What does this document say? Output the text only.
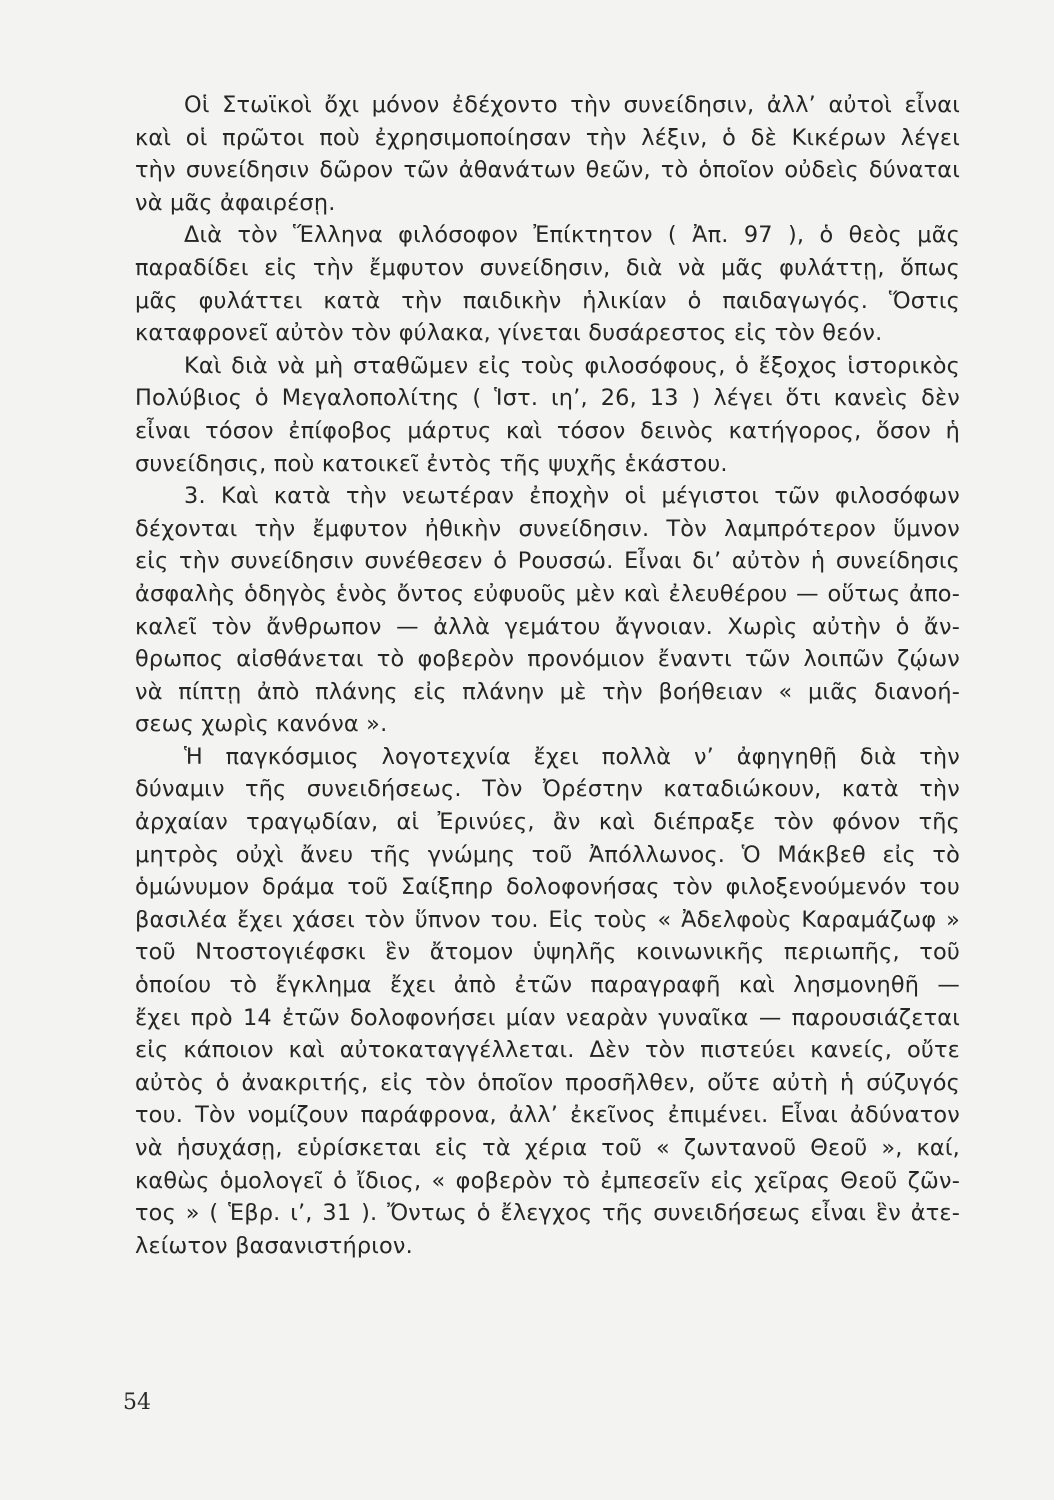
Οἱ Στωϊκοὶ ὄχι μόνον ἐδέχοντο τὴν συνείδησιν, ἀλλ’ αὐτοὶ εἶναι
καὶ οἱ πρῶτοι ποὺ ἐχρησιμοποίησαν τὴν λέξιν, ὁ δὲ Κικέρων λέγει
τὴν συνείδησιν δῶρον τῶν ἀθανάτων θεῶν, τὸ ὁποῖον οὐδεὶς δύναται
νὰ μᾶς ἀφαιρέσῃ.
Διὰ τὸν Ἕλληνα φιλόσοφον Ἐπίκτητον ( Ἀπ. 97 ), ὁ θεὸς μᾶς
παραδίδει εἰς τὴν ἔμφυτον συνείδησιν, διὰ νὰ μᾶς φυλάττῃ, ὅπως
μᾶς φυλάττει κατὰ τὴν παιδικὴν ἡλικίαν ὁ παιδαγωγός. Ὅστις
καταφρονεῖ αὐτὸν τὸν φύλακα, γίνεται δυσάρεστος εἰς τὸν θεόν.
Καὶ διὰ νὰ μὴ σταθῶμεν εἰς τοὺς φιλοσόφους, ὁ ἔξοχος ἱστορικὸς
Πολύβιος ὁ Μεγαλοπολίτης ( Ἱστ. ιη’, 26, 13 ) λέγει ὅτι κανεὶς δὲν
εἶναι τόσον ἐπίφοβος μάρτυς καὶ τόσον δεινὸς κατήγορος, ὅσον ἡ
συνείδησις, ποὺ κατοικεῖ ἐντὸς τῆς ψυχῆς ἑκάστου.
3. Καὶ κατὰ τὴν νεωτέραν ἐποχὴν οἱ μέγιστοι τῶν φιλοσόφων
δέχονται τὴν ἔμφυτον ἠθικὴν συνείδησιν. Τὸν λαμπρότερον ὕμνον
εἰς τὴν συνείδησιν συνέθεσεν ὁ Ρουσσώ. Εἶναι δι’ αὐτὸν ἡ συνείδησις
ἀσφαλὴς ὁδηγὸς ἑνὸς ὄντος εὐφυοῦς μὲν καὶ ἐλευθέρου — οὕτως ἀπο-
καλεῖ τὸν ἄνθρωπον — ἀλλὰ γεμάτου ἄγνοιαν. Χωρὶς αὐτὴν ὁ ἄν-
θρωπος αἰσθάνεται τὸ φοβερὸν προνόμιον ἔναντι τῶν λοιπῶν ζῴων
νὰ πίπτῃ ἀπὸ πλάνης εἰς πλάνην μὲ τὴν βοήθειαν « μιᾶς διανοή-
σεως χωρὶς κανόνα ».
Ἡ παγκόσμιος λογοτεχνία ἔχει πολλὰ ν’ ἀφηγηθῇ διὰ τὴν
δύναμιν τῆς συνειδήσεως. Τὸν Ὀρέστην καταδιώκουν, κατὰ τὴν
ἀρχαίαν τραγῳδίαν, αἱ Ἐρινύες, ἂν καὶ διέπραξε τὸν φόνον τῆς
μητρὸς οὐχὶ ἄνευ τῆς γνώμης τοῦ Ἀπόλλωνος. Ὁ Μάκβεθ εἰς τὸ
ὁμώνυμον δράμα τοῦ Σαίξπηρ δολοφονήσας τὸν φιλοξενούμενόν του
βασιλέα ἔχει χάσει τὸν ὕπνον του. Εἰς τοὺς « Ἀδελφοὺς Καραμάζωφ »
τοῦ Ντοστογιέφσκι ἓν ἄτομον ὑψηλῆς κοινωνικῆς περιωπῆς, τοῦ
ὁποίου τὸ ἔγκλημα ἔχει ἀπὸ ἐτῶν παραγραφῆ καὶ λησμονηθῆ —
ἔχει πρὸ 14 ἐτῶν δολοφονήσει μίαν νεαρὰν γυναῖκα — παρουσιάζεται
εἰς κάποιον καὶ αὐτοκαταγγέλλεται. Δὲν τὸν πιστεύει κανείς, οὔτε
αὐτὸς ὁ ἀνακριτής, εἰς τὸν ὁποῖον προσῆλθεν, οὔτε αὐτὴ ἡ σύζυγός
του. Τὸν νομίζουν παράφρονα, ἀλλ’ ἐκεῖνος ἐπιμένει. Εἶναι ἀδύνατον
νὰ ἡσυχάσῃ, εὑρίσκεται εἰς τὰ χέρια τοῦ « ζωντανοῦ Θεοῦ », καί,
καθὼς ὁμολογεῖ ὁ ἴδιος, « φοβερὸν τὸ ἐμπεσεῖν εἰς χεῖρας Θεοῦ ζῶν-
τος » ( Ἑβρ. ι’, 31 ). Ὄντως ὁ ἔλεγχος τῆς συνειδήσεως εἶναι ἓν ἀτε-
λείωτον βασανιστήριον.
54
